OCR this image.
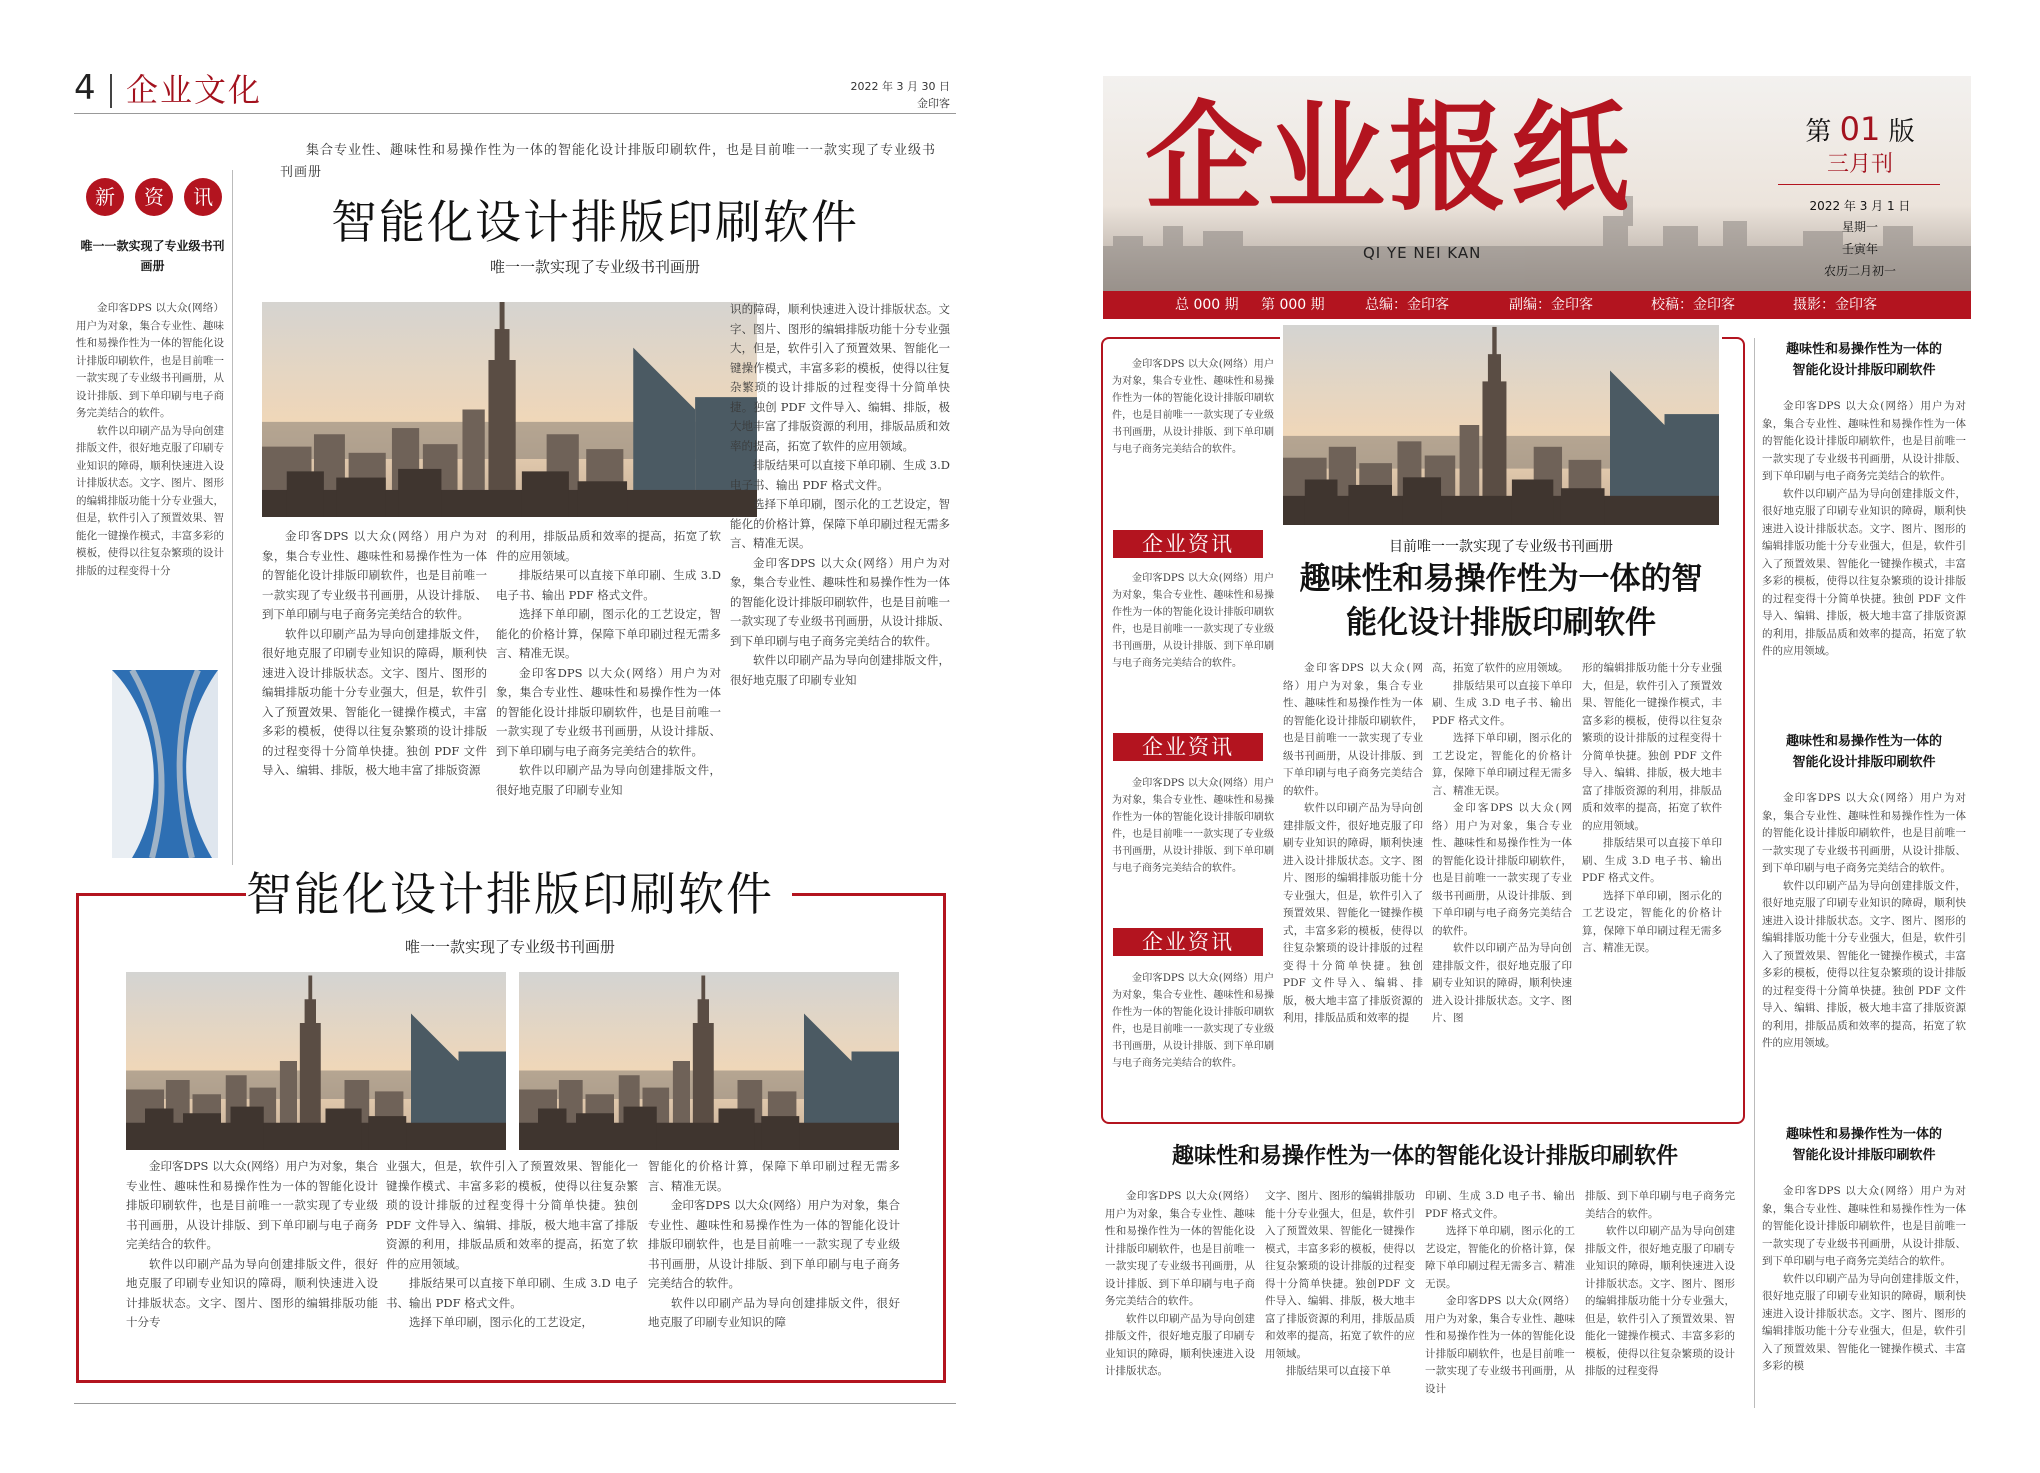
4 企业文化	2022 年 3 月 30 日
金印客
集合专业性、趣味性和易操作性为一体的智能化设计排版印刷软件，也是目前唯一一款实现了专业级书刊画册
新	资	讯
唯一一款实现了专业级书刊画册

金印客DPS 以大众(网络）用户为对象，集合专业性、趣味性和易操作性为一体的智能化设计排版印刷软件，也是目前唯一一款实现了专业级书刊画册，从设计排版、到下单印刷与电子商务完美结合的软件。

软件以印刷产品为导向创建排版文件，很好地克服了印刷专业知识的障碍，顺利快速进入设计排版状态。文字、图片、图形的编辑排版功能十分专业强大，但是，软件引入了预置效果、智能化一键操作模式，丰富多彩的模板，使得以往复杂繁琐的设计排版的过程变得十分

智能化设计排版印刷软件
唯一一款实现了专业级书刊画册

金印客DPS 以大众(网络）用户为对象，集合专业性、趣味性和易操作性为一体的智能化设计排版印刷软件，也是目前唯一一款实现了专业级书刊画册，从设计排版、到下单印刷与电子商务完美结合的软件。

软件以印刷产品为导向创建排版文件，很好地克服了印刷专业知识的障碍，顺利快速进入设计排版状态。文字、图片、图形的编辑排版功能十分专业强大，但是，软件引入了预置效果、智能化一键操作模式，丰富多彩的模板，使得以往复杂繁琐的设计排版的过程变得十分简单快捷。独创 PDF 文件导入、编辑、排版，极大地丰富了排版资源

的利用，排版品质和效率的提高，拓宽了软件的应用领域。

排版结果可以直接下单印刷、生成 3.D 电子书、输出 PDF 格式文件。

选择下单印刷，图示化的工艺设定，智能化的价格计算，保障下单印刷过程无需多言、精准无误。

金印客DPS 以大众(网络）用户为对象，集合专业性、趣味性和易操作性为一体的智能化设计排版印刷软件，也是目前唯一一款实现了专业级书刊画册，从设计排版、到下单印刷与电子商务完美结合的软件。

软件以印刷产品为导向创建排版文件，很好地克服了印刷专业知

识的障碍，顺利快速进入设计排版状态。文字、图片、图形的编辑排版功能十分专业强大，但是，软件引入了预置效果、智能化一键操作模式，丰富多彩的模板，使得以往复杂繁琐的设计排版的过程变得十分简单快捷。独创 PDF 文件导入、编辑、排版，极大地丰富了排版资源的利用，排版品质和效率的提高，拓宽了软件的应用领域。

排版结果可以直接下单印刷、生成 3.D 电子书、输出 PDF 格式文件。

选择下单印刷，图示化的工艺设定，智能化的价格计算，保障下单印刷过程无需多言、精准无误。

金印客DPS 以大众(网络）用户为对象，集合专业性、趣味性和易操作性为一体的智能化设计排版印刷软件，也是目前唯一一款实现了专业级书刊画册，从设计排版、到下单印刷与电子商务完美结合的软件。

软件以印刷产品为导向创建排版文件，很好地克服了印刷专业知

智能化设计排版印刷软件
唯一一款实现了专业级书刊画册

金印客DPS 以大众(网络）用户为对象，集合专业性、趣味性和易操作性为一体的智能化设计排版印刷软件，也是目前唯一一款实现了专业级书刊画册，从设计排版、到下单印刷与电子商务完美结合的软件。

软件以印刷产品为导向创建排版文件，很好地克服了印刷专业知识的障碍，顺利快速进入设计排版状态。文字、图片、图形的编辑排版功能十分专

业强大，但是，软件引入了预置效果、智能化一键操作模式、丰富多彩的模板，使得以往复杂繁琐的设计排版的过程变得十分简单快捷。独创 PDF 文件导入、编辑、排版，极大地丰富了排版资源的利用，排版品质和效率的提高，拓宽了软件的应用领域。

排版结果可以直接下单印刷、生成 3.D 电子书、输出 PDF 格式文件。

选择下单印刷，图示化的工艺设定，

智能化的价格计算，保障下单印刷过程无需多言、精准无误。

金印客DPS 以大众(网络）用户为对象，集合专业性、趣味性和易操作性为一体的智能化设计排版印刷软件，也是目前唯一一款实现了专业级书刊画册，从设计排版、到下单印刷与电子商务完美结合的软件。

软件以印刷产品为导向创建排版文件，很好地克服了印刷专业知识的障

企业报纸
QI YE NEI KAN
第 01 版
三月刊
2022 年 3 月 1 日
星期一
壬寅年
农历二月初一
总 000 期 第 000 期	总编：金印客	副编：金印客	校稿：金印客	摄影：金印客

金印客DPS 以大众(网络）用户为对象，集合专业性、趣味性和易操作性为一体的智能化设计排版印刷软件，也是目前唯一一款实现了专业级书刊画册，从设计排版、到下单印刷与电子商务完美结合的软件。

企业资讯

金印客DPS 以大众(网络）用户为对象，集合专业性、趣味性和易操作性为一体的智能化设计排版印刷软件，也是目前唯一一款实现了专业级书刊画册，从设计排版、到下单印刷与电子商务完美结合的软件。

企业资讯

金印客DPS 以大众(网络）用户为对象，集合专业性、趣味性和易操作性为一体的智能化设计排版印刷软件，也是目前唯一一款实现了专业级书刊画册，从设计排版、到下单印刷与电子商务完美结合的软件。

企业资讯

金印客DPS 以大众(网络）用户为对象，集合专业性、趣味性和易操作性为一体的智能化设计排版印刷软件，也是目前唯一一款实现了专业级书刊画册，从设计排版、到下单印刷与电子商务完美结合的软件。

目前唯一一款实现了专业级书刊画册
趣味性和易操作性为一体的智
能化设计排版印刷软件

金印客DPS 以大众(网络）用户为对象，集合专业性、趣味性和易操作性为一体的智能化设计排版印刷软件，也是目前唯一一款实现了专业级书刊画册，从设计排版、到下单印刷与电子商务完美结合的软件。

软件以印刷产品为导向创建排版文件，很好地克服了印刷专业知识的障碍，顺利快速进入设计排版状态。文字、图片、图形的编辑排版功能十分专业强大，但是，软件引入了预置效果、智能化一键操作模式，丰富多彩的模板，使得以往复杂繁琐的设计排版的过程变得十分简单快捷。独创 PDF 文件导入、编辑、排版，极大地丰富了排版资源的利用，排版品质和效率的提

高，拓宽了软件的应用领域。

排版结果可以直接下单印刷、生成 3.D 电子书、输出 PDF 格式文件。

选择下单印刷，图示化的工艺设定，智能化的价格计算，保障下单印刷过程无需多言、精准无误。

金印客DPS 以大众(网络）用户为对象，集合专业性、趣味性和易操作性为一体的智能化设计排版印刷软件，也是目前唯一一款实现了专业级书刊画册，从设计排版、到下单印刷与电子商务完美结合的软件。

软件以印刷产品为导向创建排版文件，很好地克服了印刷专业知识的障碍，顺利快速进入设计排版状态。文字、图片、图

形的编辑排版功能十分专业强大，但是，软件引入了预置效果、智能化一键操作模式，丰富多彩的模板，使得以往复杂繁琐的设计排版的过程变得十分简单快捷。独创 PDF 文件导入、编辑、排版，极大地丰富了排版资源的利用，排版品质和效率的提高，拓宽了软件的应用领域。

排版结果可以直接下单印刷、生成 3.D 电子书、输出 PDF 格式文件。

选择下单印刷，图示化的工艺设定，智能化的价格计算，保障下单印刷过程无需多言、精准无误。

趣味性和易操作性为一体的
智能化设计排版印刷软件

金印客DPS 以大众(网络）用户为对象，集合专业性、趣味性和易操作性为一体的智能化设计排版印刷软件，也是目前唯一一款实现了专业级书刊画册，从设计排版、到下单印刷与电子商务完美结合的软件。

软件以印刷产品为导向创建排版文件，很好地克服了印刷专业知识的障碍，顺利快速进入设计排版状态。文字、图片、图形的编辑排版功能十分专业强大，但是，软件引入了预置效果、智能化一键操作模式，丰富多彩的模板，使得以往复杂繁琐的设计排版的过程变得十分简单快捷。独创 PDF 文件导入、编辑、排版，极大地丰富了排版资源的利用，排版品质和效率的提高，拓宽了软件的应用领域。

趣味性和易操作性为一体的
智能化设计排版印刷软件

金印客DPS 以大众(网络）用户为对象，集合专业性、趣味性和易操作性为一体的智能化设计排版印刷软件，也是目前唯一一款实现了专业级书刊画册，从设计排版、到下单印刷与电子商务完美结合的软件。

软件以印刷产品为导向创建排版文件，很好地克服了印刷专业知识的障碍，顺利快速进入设计排版状态。文字、图片、图形的编辑排版功能十分专业强大，但是，软件引入了预置效果、智能化一键操作模式，丰富多彩的模板，使得以往复杂繁琐的设计排版的过程变得十分简单快捷。独创 PDF 文件导入、编辑、排版，极大地丰富了排版资源的利用，排版品质和效率的提高，拓宽了软件的应用领域。

趣味性和易操作性为一体的
智能化设计排版印刷软件

金印客DPS 以大众(网络）用户为对象，集合专业性、趣味性和易操作性为一体的智能化设计排版印刷软件，也是目前唯一一款实现了专业级书刊画册，从设计排版、到下单印刷与电子商务完美结合的软件。

软件以印刷产品为导向创建排版文件，很好地克服了印刷专业知识的障碍，顺利快速进入设计排版状态。文字、图片、图形的编辑排版功能十分专业强大，但是，软件引入了预置效果、智能化一键操作模式、丰富多彩的模

趣味性和易操作性为一体的智能化设计排版印刷软件

金印客DPS 以大众(网络）用户为对象，集合专业性、趣味性和易操作性为一体的智能化设计排版印刷软件，也是目前唯一一款实现了专业级书刊画册，从设计排版、到下单印刷与电子商务完美结合的软件。

软件以印刷产品为导向创建排版文件，很好地克服了印刷专业知识的障碍，顺利快速进入设计排版状态。

文字、图片、图形的编辑排版功能十分专业强大，但是，软件引入了预置效果、智能化一键操作模式，丰富多彩的模板，使得以往复杂繁琐的设计排版的过程变得十分简单快捷。独创PDF 文件导入、编辑、排版，极大地丰富了排版资源的利用，排版品质和效率的提高，拓宽了软件的应用领域。

排版结果可以直接下单

印刷、生成 3.D 电子书、输出 PDF 格式文件。

选择下单印刷，图示化的工艺设定，智能化的价格计算，保障下单印刷过程无需多言、精准无误。

金印客DPS 以大众(网络）用户为对象，集合专业性、趣味性和易操作性为一体的智能化设计排版印刷软件，也是目前唯一一款实现了专业级书刊画册，从设计

排版、到下单印刷与电子商务完美结合的软件。

软件以印刷产品为导向创建排版文件，很好地克服了印刷专业知识的障碍，顺利快速进入设计排版状态。文字、图片、图形的编辑排版功能十分专业强大，但是，软件引入了预置效果、智能化一键操作模式、丰富多彩的模板，使得以往复杂繁琐的设计排版的过程变得
